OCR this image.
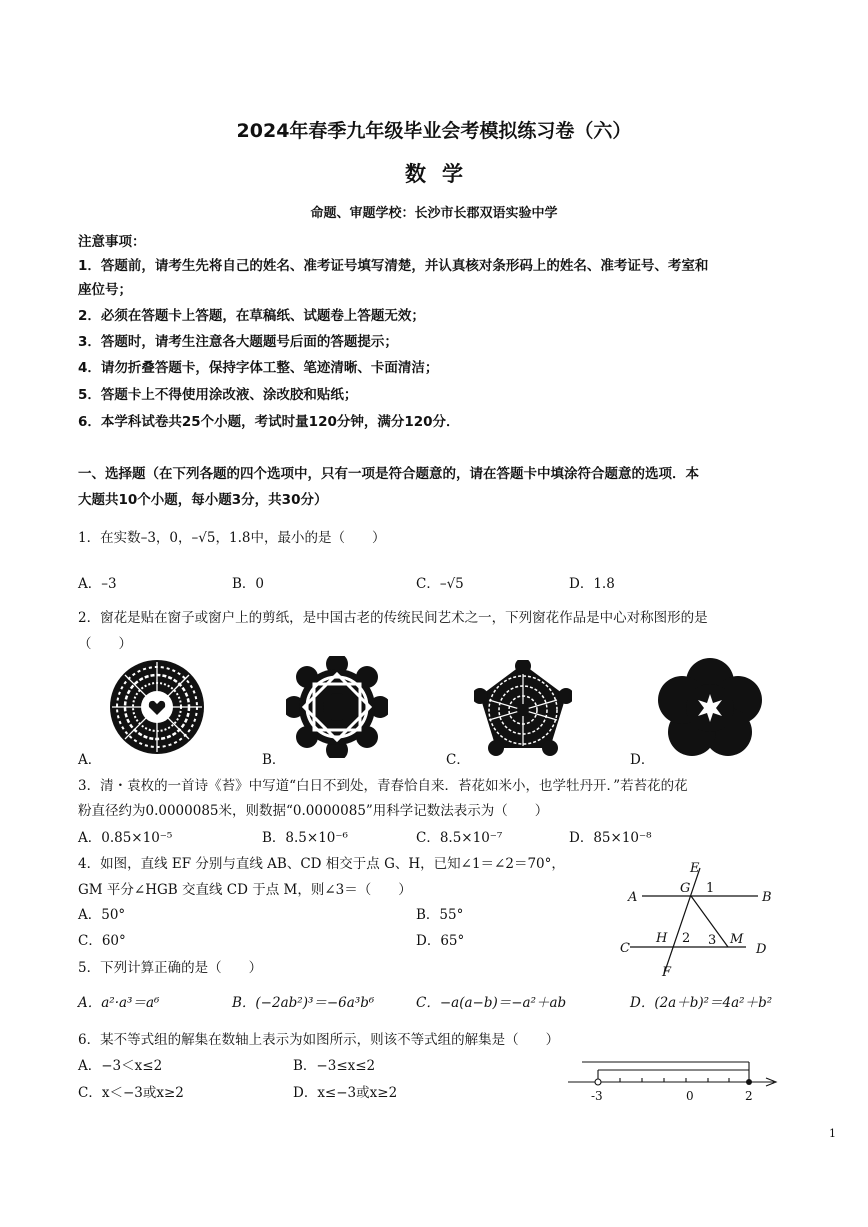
2024年春季九年级毕业会考模拟练习卷（六）
数学
命题、审题学校：长沙市长郡双语实验中学
注意事项：
1．答题前，请考生先将自己的姓名、准考证号填写清楚，并认真核对条形码上的姓名、准考证号、考室和
座位号；
2．必须在答题卡上答题，在草稿纸、试题卷上答题无效；
3．答题时，请考生注意各大题题号后面的答题提示；
4．请勿折叠答题卡，保持字体工整、笔迹清晰、卡面清洁；
5．答题卡上不得使用涂改液、涂改胶和贴纸；
6．本学科试卷共25个小题，考试时量120分钟，满分120分．
一、选择题（在下列各题的四个选项中，只有一项是符合题意的，请在答题卡中填涂符合题意的选项．本
大题共10个小题，每小题3分，共30分）
1．在实数–3，0，–√5，1.8中，最小的是（　　）
A．–3	B．0	C．–√5	D．1.8
2．窗花是贴在窗子或窗户上的剪纸，是中国古老的传统民间艺术之一，下列窗花作品是中心对称图形的是
（　　）
A．	B．	C．	D．
3．清・袁枚的一首诗《苔》中写道“白日不到处，青春恰自来．苔花如米小，也学牡丹开．”若苔花的花
粉直径约为0.0000085米，则数据“0.0000085”用科学记数法表示为（　　）
A．0.85×10⁻⁵	B．8.5×10⁻⁶	C．8.5×10⁻⁷	D．85×10⁻⁸
4．如图，直线 EF 分别与直线 AB、CD 相交于点 G、H，已知∠1＝∠2＝70°，
GM 平分∠HGB 交直线 CD 于点 M，则∠3＝（　　）
A．50°	B．55°
C．60°	D．65°
E
G 1
A	B
H 2 3 M
C	D
F
5．下列计算正确的是（　　）
A．a²·a³＝a⁶	B．(−2ab²)³＝−6a³b⁶	C．−a(a−b)＝−a²＋ab	D．(2a＋b)²＝4a²＋b²
6．某不等式组的解集在数轴上表示为如图所示，则该不等式组的解集是（　　）
A．−3＜x≤2	B．−3≤x≤2
C．x＜−3或x≥2	D．x≤−3或x≥2	-3	0	2
1
